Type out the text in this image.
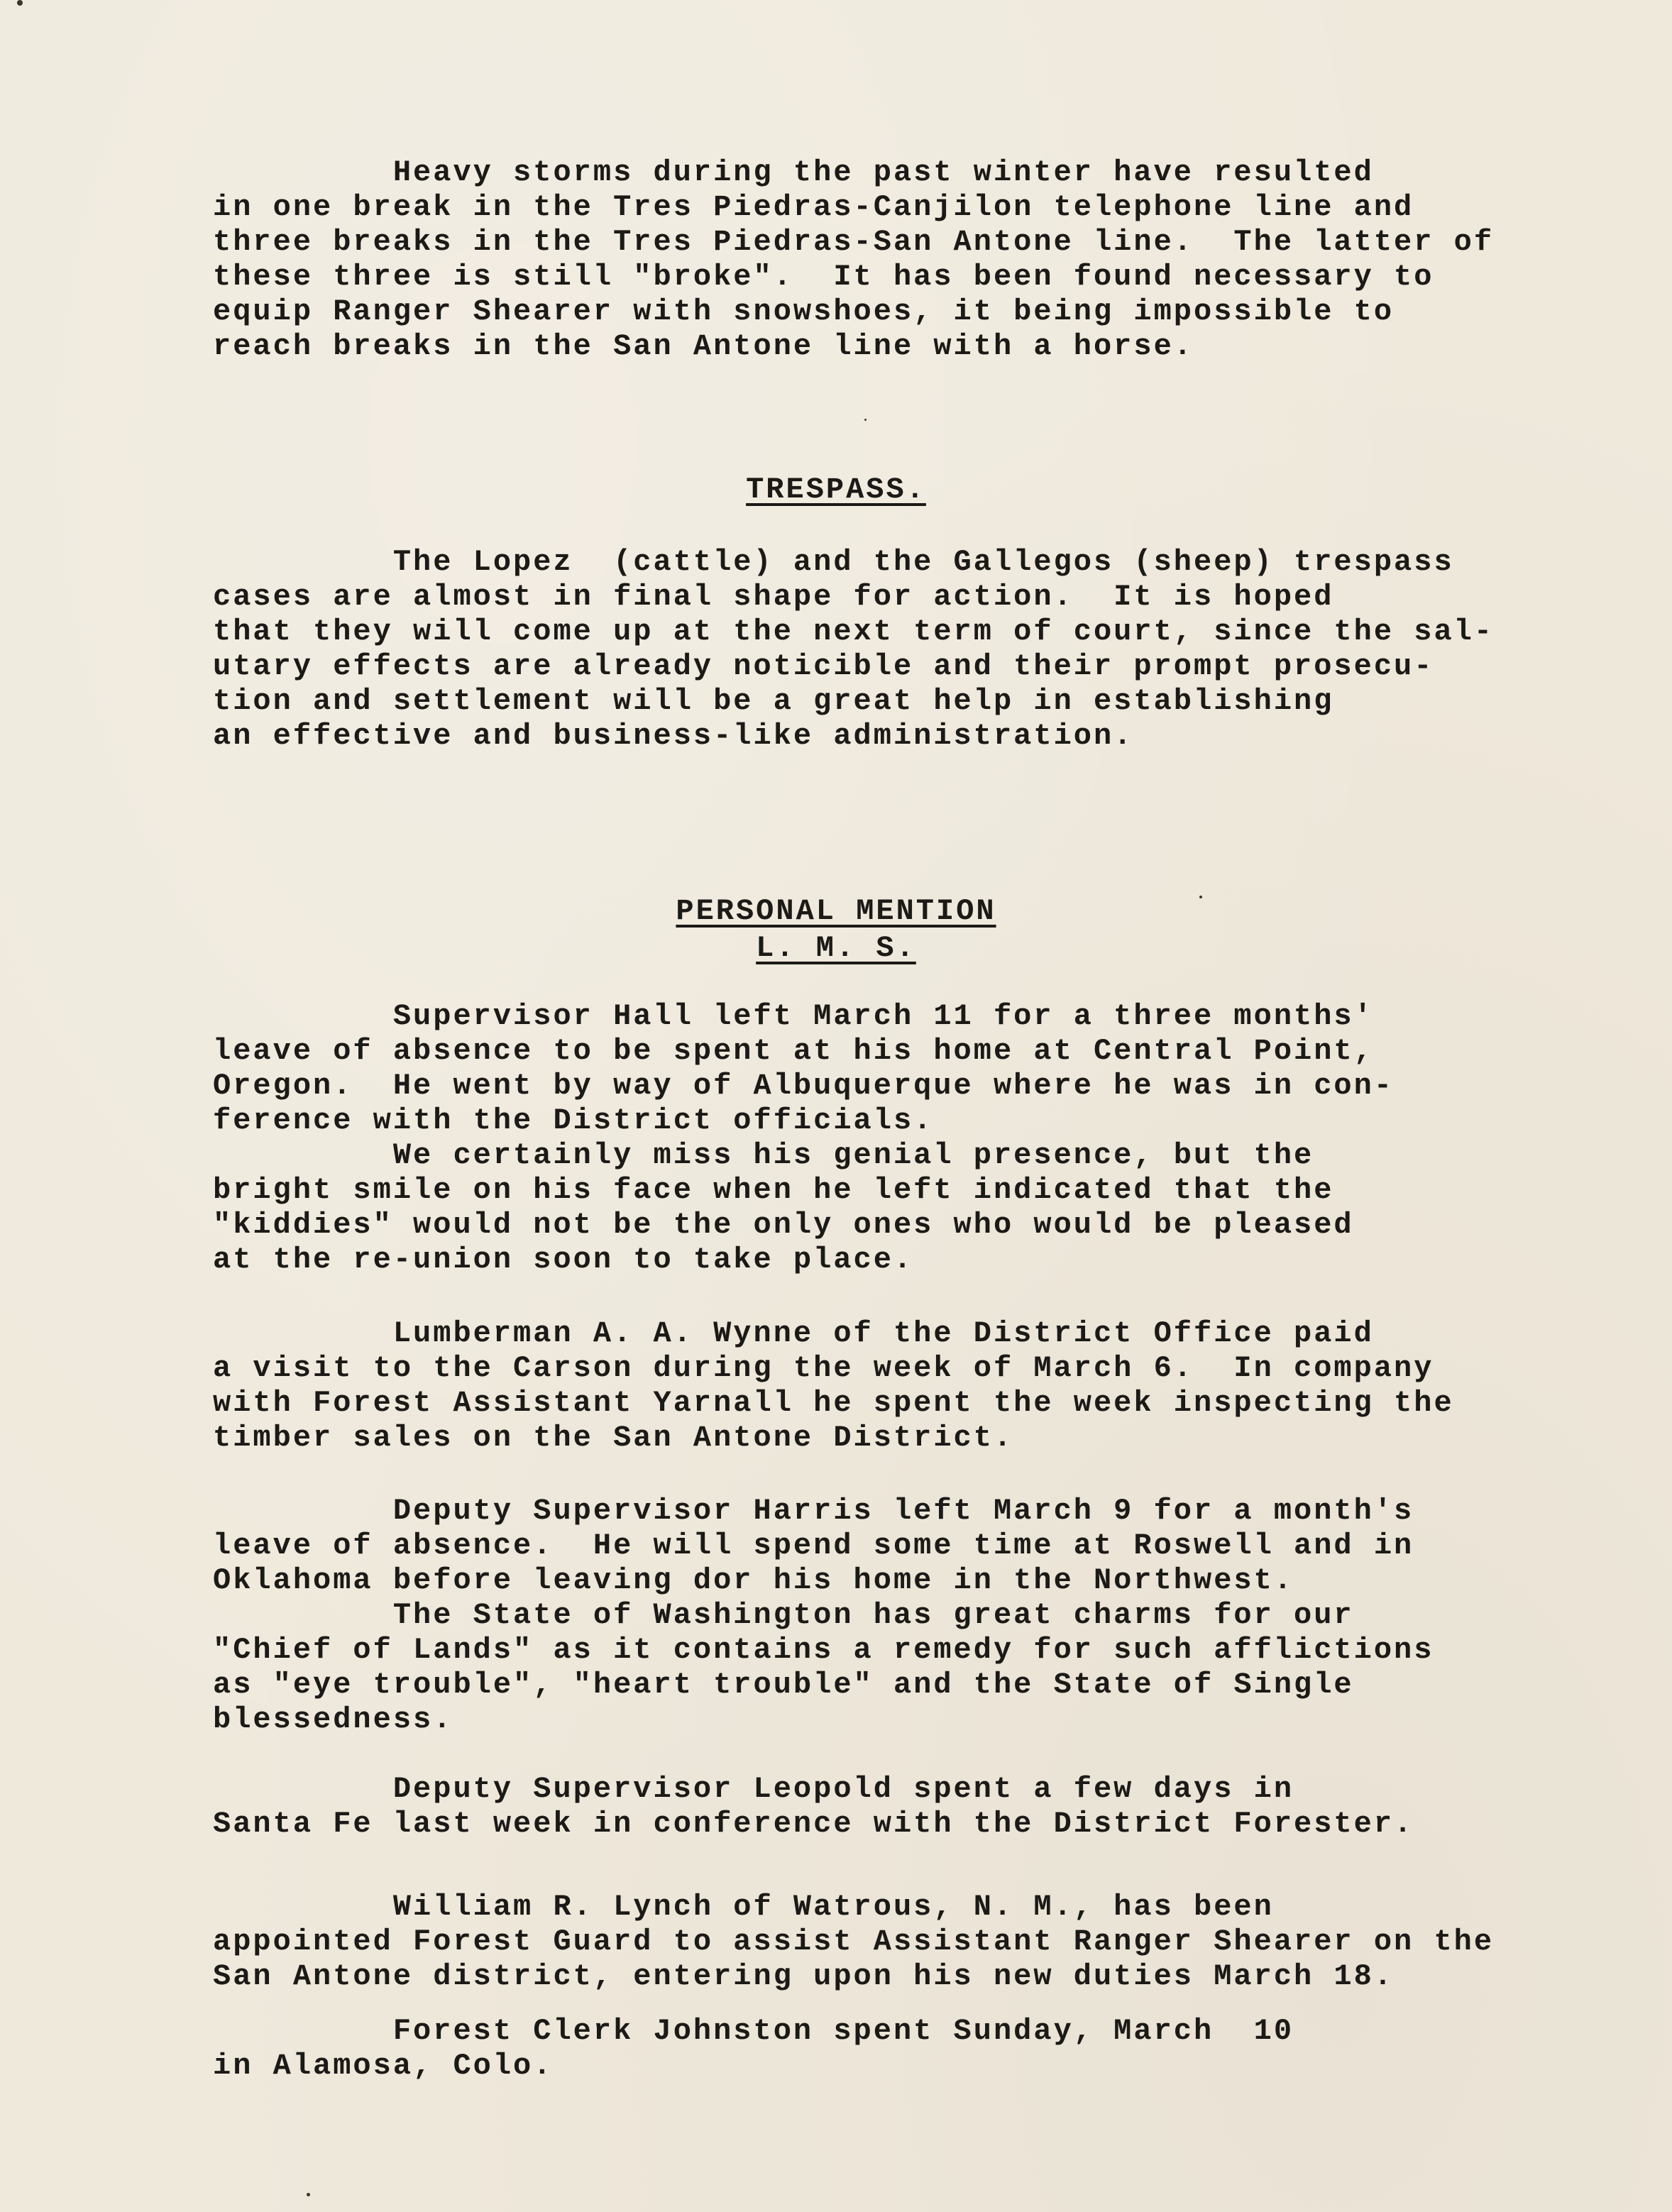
Heavy storms during the past winter have resulted
in one break in the Tres Piedras-Canjilon telephone line and
three breaks in the Tres Piedras-San Antone line.  The latter of
these three is still "broke".  It has been found necessary to
equip Ranger Shearer with snowshoes, it being impossible to
reach breaks in the San Antone line with a horse.

TRESPASS.

The Lopez  (cattle) and the Gallegos (sheep) trespass
cases are almost in final shape for action.  It is hoped
that they will come up at the next term of court, since the sal-
utary effects are already noticible and their prompt prosecu-
tion and settlement will be a great help in establishing
an effective and business-like administration.

PERSONAL MENTION

L. M. S.

Supervisor Hall left March 11 for a three months'
leave of absence to be spent at his home at Central Point,
Oregon.  He went by way of Albuquerque where he was in con-
ference with the District officials.
We certainly miss his genial presence, but the
bright smile on his face when he left indicated that the
"kiddies" would not be the only ones who would be pleased
at the re-union soon to take place.

Lumberman A. A. Wynne of the District Office paid
a visit to the Carson during the week of March 6.  In company
with Forest Assistant Yarnall he spent the week inspecting the
timber sales on the San Antone District.

Deputy Supervisor Harris left March 9 for a month's
leave of absence.  He will spend some time at Roswell and in
Oklahoma before leaving dor his home in the Northwest.
The State of Washington has great charms for our
"Chief of Lands" as it contains a remedy for such afflictions
as "eye trouble", "heart trouble" and the State of Single
blessedness.

Deputy Supervisor Leopold spent a few days in
Santa Fe last week in conference with the District Forester.

William R. Lynch of Watrous, N. M., has been
appointed Forest Guard to assist Assistant Ranger Shearer on the
San Antone district, entering upon his new duties March 18.

Forest Clerk Johnston spent Sunday, March  10
in Alamosa, Colo.
